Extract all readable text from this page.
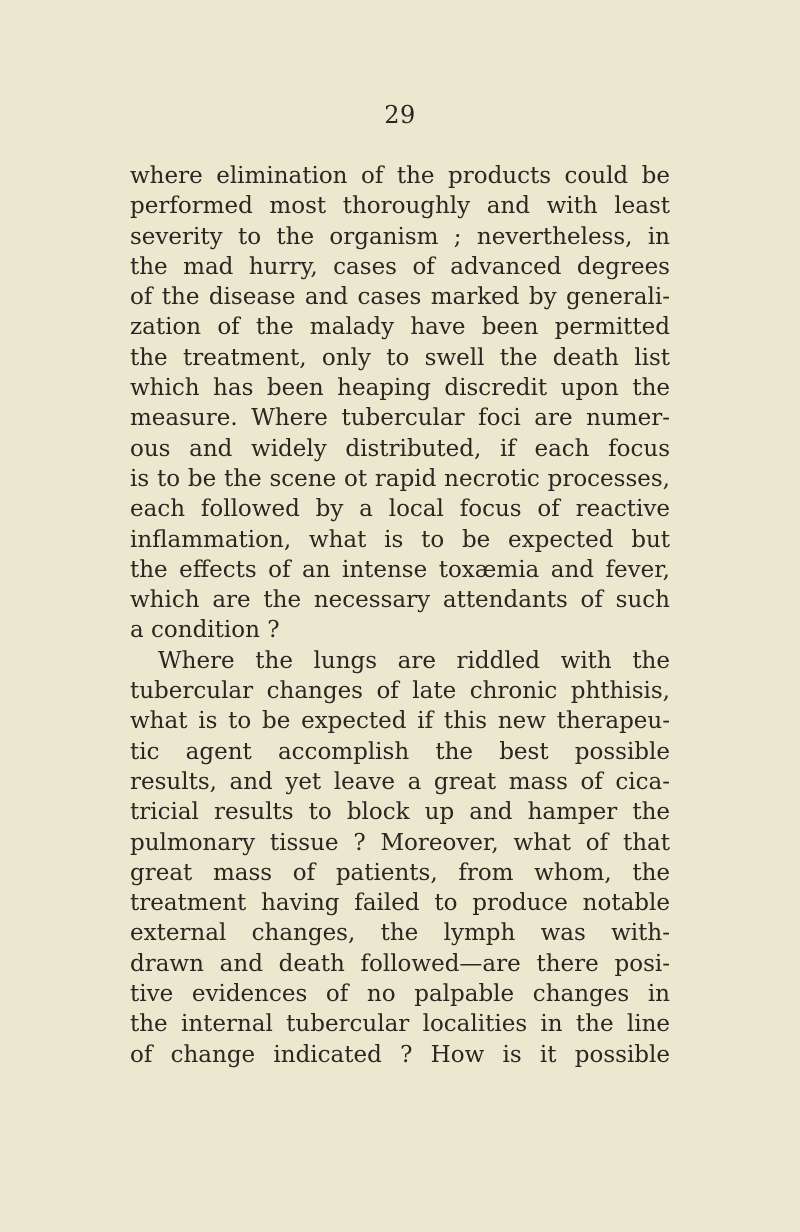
29
where elimination of the products could be
performed most thoroughly and with least
severity to the organism ; nevertheless, in
the mad hurry, cases of advanced degrees
of the disease and cases marked by generali-
zation of the malady have been permitted
the treatment, only to swell the death list
which has been heaping discredit upon the
measure. Where tubercular foci are numer-
ous and widely distributed, if each focus
is to be the scene ot rapid necrotic processes,
each followed by a local focus of reactive
inflammation, what is to be expected but
the effects of an intense toxæmia and fever,
which are the necessary attendants of such
a condition ?
Where the lungs are riddled with the
tubercular changes of late chronic phthisis,
what is to be expected if this new therapeu-
tic agent accomplish the best possible
results, and yet leave a great mass of cica-
tricial results to block up and hamper the
pulmonary tissue ? Moreover, what of that
great mass of patients, from whom, the
treatment having failed to produce notable
external changes, the lymph was with-
drawn and death followed—are there posi-
tive evidences of no palpable changes in
the internal tubercular localities in the line
of change indicated ? How is it possible
